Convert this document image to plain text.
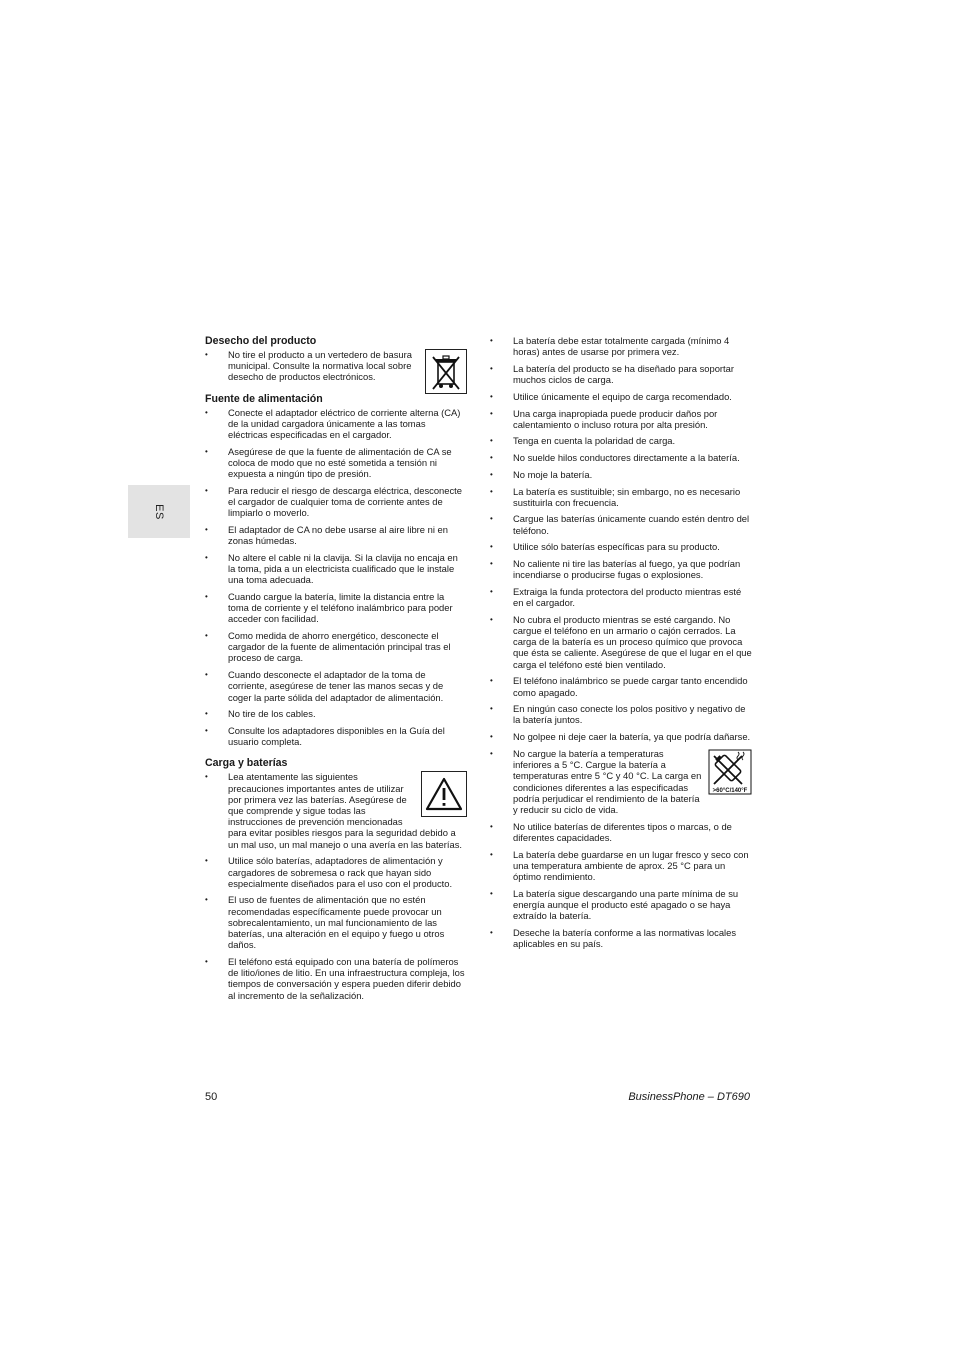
ES
Desecho del producto
• No tire el producto a un vertedero de basura municipal. Consulte la normativa local sobre desecho de productos electrónicos.
Fuente de alimentación
• Conecte el adaptador eléctrico de corriente alterna (CA) de la unidad cargadora únicamente a las tomas eléctricas especificadas en el cargador.
• Asegúrese de que la fuente de alimentación de CA se coloca de modo que no esté sometida a tensión ni expuesta a ningún tipo de presión.
• Para reducir el riesgo de descarga eléctrica, desconecte el cargador de cualquier toma de corriente antes de limpiarlo o moverlo.
• El adaptador de CA no debe usarse al aire libre ni en zonas húmedas.
• No altere el cable ni la clavija. Si la clavija no encaja en la toma, pida a un electricista cualificado que le instale una toma adecuada.
• Cuando cargue la batería, limite la distancia entre la toma de corriente y el teléfono inalámbrico para poder acceder con facilidad.
• Como medida de ahorro energético, desconecte el cargador de la fuente de alimentación principal tras el proceso de carga.
• Cuando desconecte el adaptador de la toma de corriente, asegúrese de tener las manos secas y de coger la parte sólida del adaptador de alimentación.
• No tire de los cables.
• Consulte los adaptadores disponibles en la Guía del usuario completa.
Carga y baterías
• Lea atentamente las siguientes precauciones importantes antes de utilizar por primera vez las baterías. Asegúrese de que comprende y sigue todas las instrucciones de prevención mencionadas para evitar posibles riesgos para la seguridad debido a un mal uso, un mal manejo o una avería en las baterías.
• Utilice sólo baterías, adaptadores de alimentación y cargadores de sobremesa o rack que hayan sido especialmente diseñados para el uso con el producto.
• El uso de fuentes de alimentación que no estén recomendadas específicamente puede provocar un sobrecalentamiento, un mal funcionamiento de las baterías, una alteración en el equipo y fuego u otros daños.
• El teléfono está equipado con una batería de polímeros de litio/iones de litio. En una infraestructura compleja, los tiempos de conversación y espera pueden diferir debido al incremento de la señalización.
• La batería debe estar totalmente cargada (mínimo 4 horas) antes de usarse por primera vez.
• La batería del producto se ha diseñado para soportar muchos ciclos de carga.
• Utilice únicamente el equipo de carga recomendado.
• Una carga inapropiada puede producir daños por calentamiento o incluso rotura por alta presión.
• Tenga en cuenta la polaridad de carga.
• No suelde hilos conductores directamente a la batería.
• No moje la batería.
• La batería es sustituible; sin embargo, no es necesario sustituirla con frecuencia.
• Cargue las baterías únicamente cuando estén dentro del teléfono.
• Utilice sólo baterías específicas para su producto.
• No caliente ni tire las baterías al fuego, ya que podrían incendiarse o producirse fugas o explosiones.
• Extraiga la funda protectora del producto mientras esté en el cargador.
• No cubra el producto mientras se esté cargando. No cargue el teléfono en un armario o cajón cerrados. La carga de la batería es un proceso químico que provoca que ésta se caliente. Asegúrese de que el lugar en el que carga el teléfono esté bien ventilado.
• El teléfono inalámbrico se puede cargar tanto encendido como apagado.
• En ningún caso conecte los polos positivo y negativo de la batería juntos.
• No golpee ni deje caer la batería, ya que podría dañarse.
• >60°C/140°F
No cargue la batería a temperaturas inferiores a 5 °C. Cargue la batería a temperaturas entre 5 °C y 40 °C. La carga en condiciones diferentes a las especificadas podría perjudicar el rendimiento de la batería y reducir su ciclo de vida.
• No utilice baterías de diferentes tipos o marcas, o de diferentes capacidades.
• La batería debe guardarse en un lugar fresco y seco con una temperatura ambiente de aprox. 25 °C para un óptimo rendimiento.
• La batería sigue descargando una parte mínima de su energía aunque el producto esté apagado o se haya extraído la batería.
• Deseche la batería conforme a las normativas locales aplicables en su país.
50	BusinessPhone – DT690
